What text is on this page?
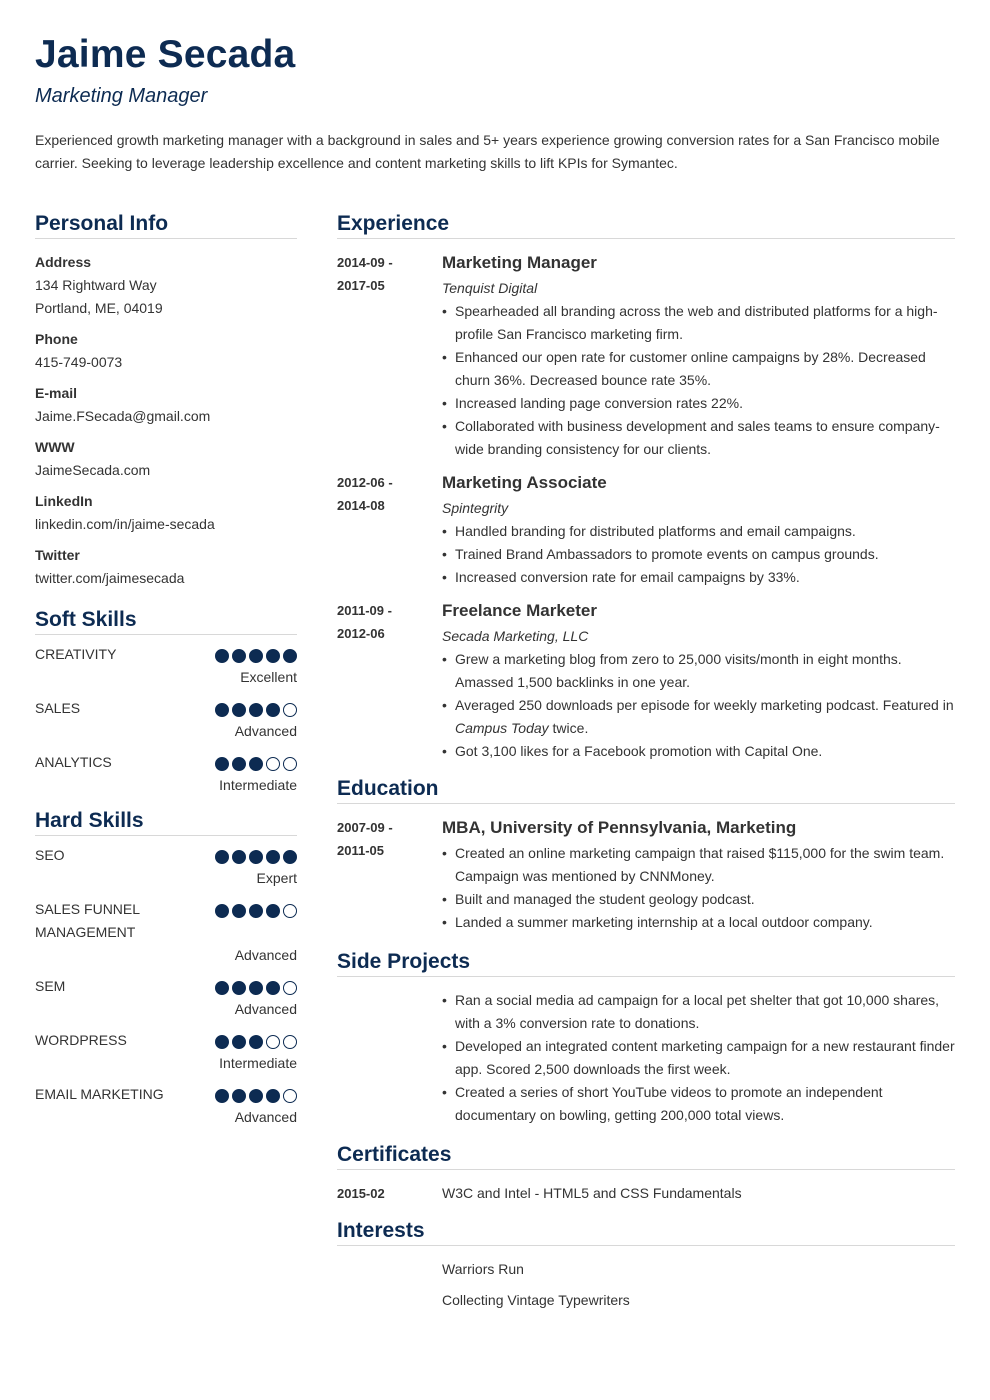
Jaime Secada
Marketing Manager
Experienced growth marketing manager with a background in sales and 5+ years experience growing conversion rates for a San Francisco mobile carrier. Seeking to leverage leadership excellence and content marketing skills to lift KPIs for Symantec.
Personal Info
Address
134 Rightward Way
Portland, ME, 04019
Phone
415-749-0073
E-mail
Jaime.FSecada@gmail.com
WWW
JaimeSecada.com
LinkedIn
linkedin.com/in/jaime-secada
Twitter
twitter.com/jaimesecada
Soft Skills
CREATIVITY
Excellent
SALES
Advanced
ANALYTICS
Intermediate
Hard Skills
SEO
Expert
SALES FUNNEL MANAGEMENT
Advanced
SEM
Advanced
WORDPRESS
Intermediate
EMAIL MARKETING
Advanced
Experience
2014-09 -
2017-05
Marketing Manager
Tenquist Digital
• Spearheaded all branding across the web and distributed platforms for a high-profile San Francisco marketing firm.
• Enhanced our open rate for customer online campaigns by 28%. Decreased churn 36%. Decreased bounce rate 35%.
• Increased landing page conversion rates 22%.
• Collaborated with business development and sales teams to ensure company-wide branding consistency for our clients.
2012-06 -
2014-08
Marketing Associate
Spintegrity
• Handled branding for distributed platforms and email campaigns.
• Trained Brand Ambassadors to promote events on campus grounds.
• Increased conversion rate for email campaigns by 33%.
2011-09 -
2012-06
Freelance Marketer
Secada Marketing, LLC
• Grew a marketing blog from zero to 25,000 visits/month in eight months. Amassed 1,500 backlinks in one year.
• Averaged 250 downloads per episode for weekly marketing podcast. Featured in Campus Today twice.
• Got 3,100 likes for a Facebook promotion with Capital One.
Education
2007-09 -
2011-05
MBA, University of Pennsylvania, Marketing
• Created an online marketing campaign that raised $115,000 for the swim team. Campaign was mentioned by CNNMoney.
• Built and managed the student geology podcast.
• Landed a summer marketing internship at a local outdoor company.
Side Projects
• Ran a social media ad campaign for a local pet shelter that got 10,000 shares, with a 3% conversion rate to donations.
• Developed an integrated content marketing campaign for a new restaurant finder app. Scored 2,500 downloads the first week.
• Created a series of short YouTube videos to promote an independent documentary on bowling, getting 200,000 total views.
Certificates
2015-02	W3C and Intel - HTML5 and CSS Fundamentals
Interests
Warriors Run
Collecting Vintage Typewriters
